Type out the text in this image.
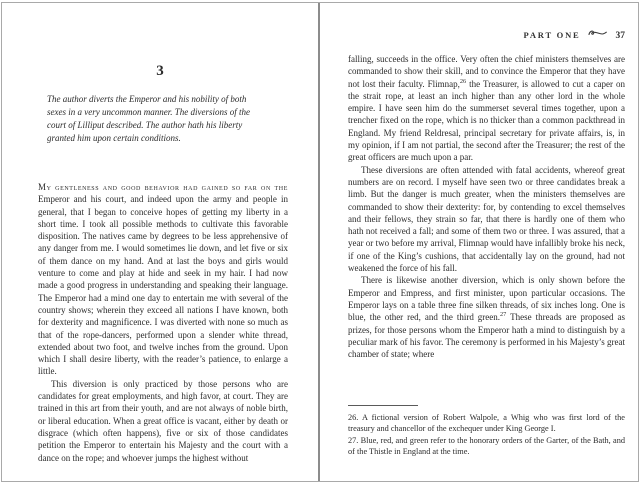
3
The author diverts the Emperor and his nobility of both sexes in a very uncommon manner. The diversions of the court of Lilliput described. The author hath his liberty granted him upon certain conditions.

My gentleness and good behavior had gained so far on the Emperor and his court, and indeed upon the army and people in general, that I began to conceive hopes of getting my liberty in a short time. I took all possible methods to cultivate this favorable disposition. The natives came by degrees to be less apprehensive of any danger from me. I would sometimes lie down, and let five or six of them dance on my hand. And at last the boys and girls would venture to come and play at hide and seek in my hair. I had now made a good progress in understanding and speaking their language. The Emperor had a mind one day to entertain me with several of the country shows; wherein they exceed all nations I have known, both for dexterity and magnificence. I was diverted with none so much as that of the rope-dancers, performed upon a slender white thread, extended about two foot, and twelve inches from the ground. Upon which I shall desire liberty, with the reader’s patience, to enlarge a little.

This diversion is only practiced by those persons who are candidates for great employments, and high favor, at court. They are trained in this art from their youth, and are not always of noble birth, or liberal education. When a great office is vacant, either by death or disgrace (which often happens), five or six of those candidates petition the Emperor to entertain his Majesty and the court with a dance on the rope; and whoever jumps the highest without

PART ONE	37

falling, succeeds in the office. Very often the chief ministers themselves are commanded to show their skill, and to convince the Emperor that they have not lost their faculty. Flimnap,$^{26}$ the Treasurer, is allowed to cut a caper on the strait rope, at least an inch higher than any other lord in the whole empire. I have seen him do the summerset several times together, upon a trencher fixed on the rope, which is no thicker than a common packthread in England. My friend Reldresal, principal secretary for private affairs, is, in my opinion, if I am not partial, the second after the Treasurer; the rest of the great officers are much upon a par.

These diversions are often attended with fatal accidents, whereof great numbers are on record. I myself have seen two or three candidates break a limb. But the danger is much greater, when the ministers themselves are commanded to show their dexterity: for, by contending to excel themselves and their fellows, they strain so far, that there is hardly one of them who hath not received a fall; and some of them two or three. I was assured, that a year or two before my arrival, Flimnap would have infallibly broke his neck, if one of the King’s cushions, that accidentally lay on the ground, had not weakened the force of his fall.

There is likewise another diversion, which is only shown before the Emperor and Empress, and first minister, upon particular occasions. The Emperor lays on a table three fine silken threads, of six inches long. One is blue, the other red, and the third green.$^{27}$ These threads are proposed as prizes, for those persons whom the Emperor hath a mind to distinguish by a peculiar mark of his favor. The ceremony is performed in his Majesty’s great chamber of state; where

26. A fictional version of Robert Walpole, a Whig who was first lord of the treasury and chancellor of the exchequer under King George I.

27. Blue, red, and green refer to the honorary orders of the Garter, of the Bath, and of the Thistle in England at the time.
